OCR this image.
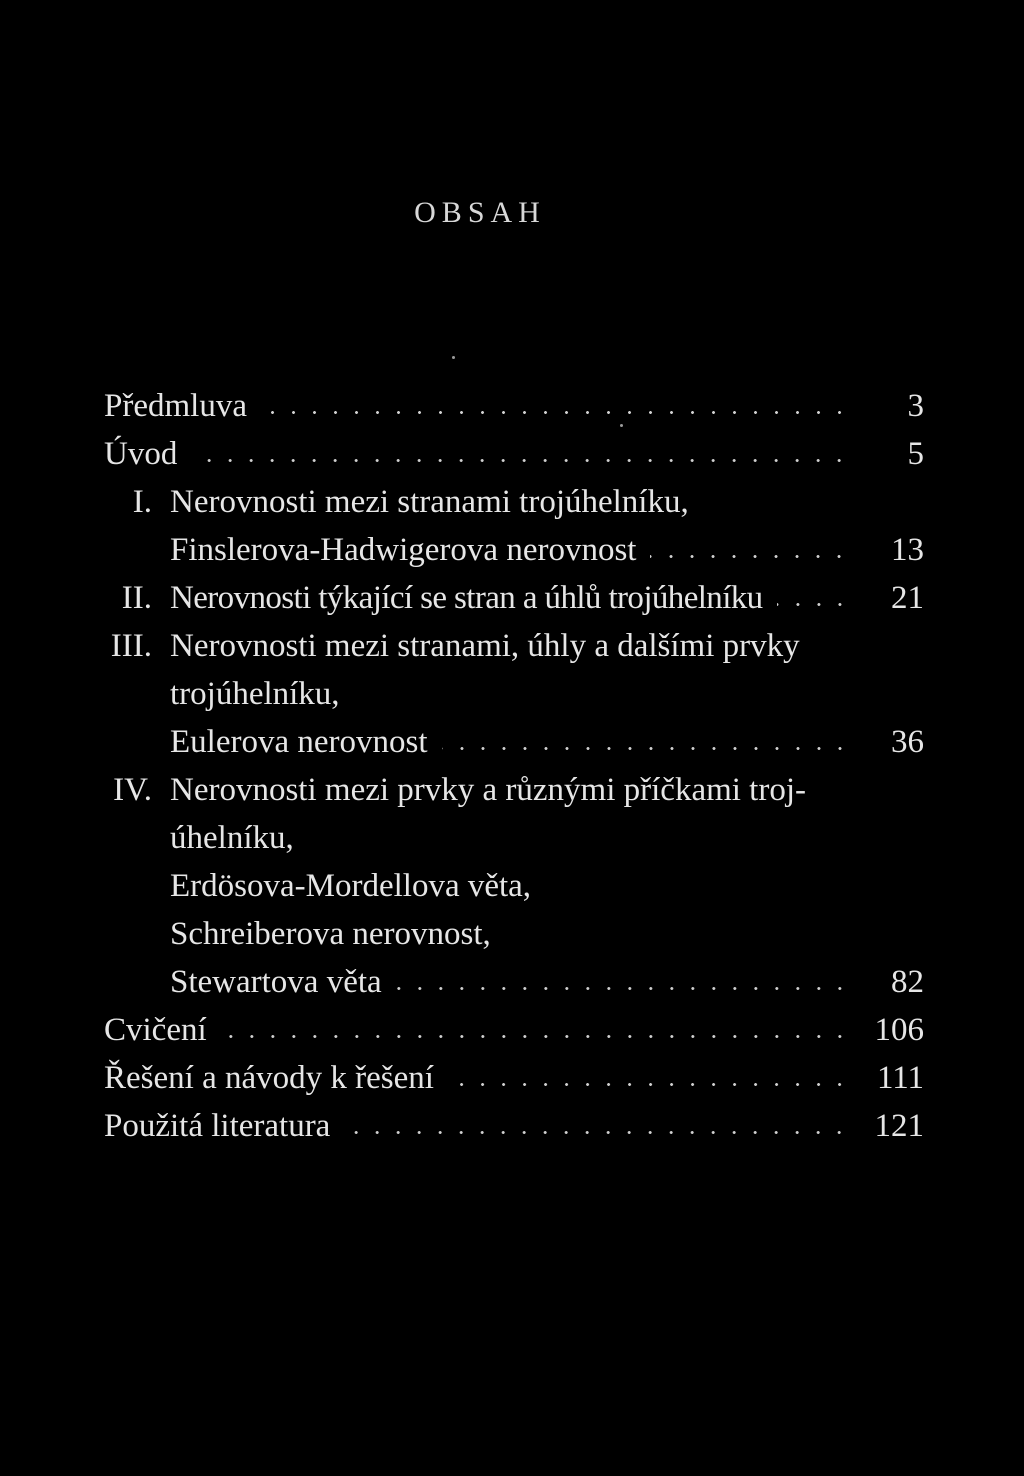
OBSAH
Předmluva	3
Úvod	5
I. Nerovnosti mezi stranami trojúhelníku,
Finslerova-Hadwigerova nerovnost	13
II. Nerovnosti týkající se stran a úhlů trojúhelníku	21
III. Nerovnosti mezi stranami, úhly a dalšími prvky
trojúhelníku,
Eulerova nerovnost	36
IV. Nerovnosti mezi prvky a různými příčkami troj-
úhelníku,
Erdösova-Mordellova věta,
Schreiberova nerovnost,
Stewartova věta	82
Cvičení	106
Řešení a návody k řešení	111
Použitá literatura	121
